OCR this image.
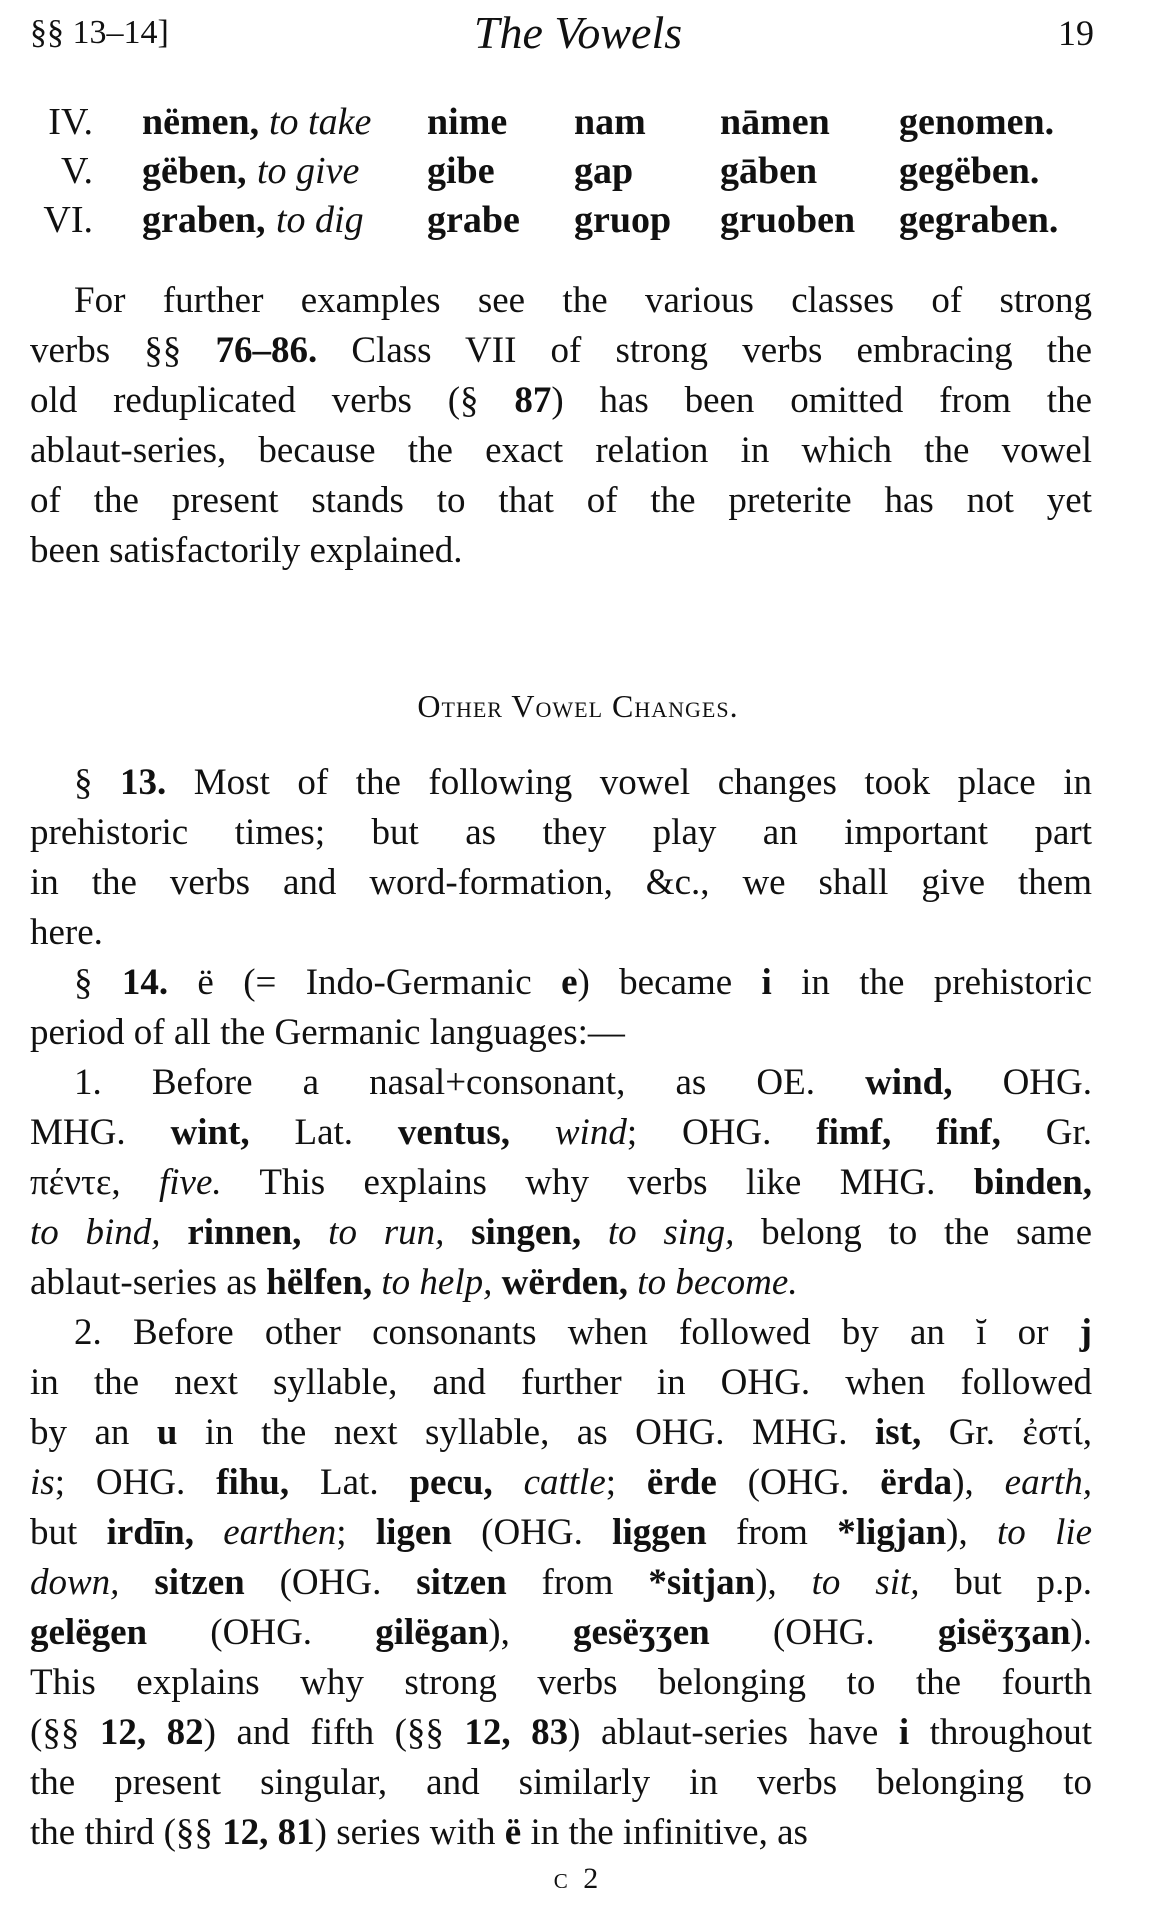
§§ 13–14]	The Vowels	19
IV. nëmen, to take nime nam nāmen genomen.
V. gëben, to give gibe gap gāben gegëben.
VI. graben, to dig grabe gruop gruoben gegraben.
For further examples see the various classes of strong
verbs §§ 76–86. Class VII of strong verbs embracing the
old reduplicated verbs (§ 87) has been omitted from the
ablaut-series, because the exact relation in which the vowel
of the present stands to that of the preterite has not yet
been satisfactorily explained.
Other Vowel Changes.
§ 13. Most of the following vowel changes took place in
prehistoric times; but as they play an important part
in the verbs and word-formation, &c., we shall give them
here.
§ 14. ë (= Indo-Germanic e) became i in the prehistoric
period of all the Germanic languages:—
1. Before a nasal+consonant, as OE. wind, OHG.
MHG. wint, Lat. ventus, wind; OHG. fimf, finf, Gr.
πέντε, five. This explains why verbs like MHG. binden,
to bind, rinnen, to run, singen, to sing, belong to the same
ablaut-series as hëlfen, to help, wërden, to become.
2. Before other consonants when followed by an ĭ or j
in the next syllable, and further in OHG. when followed
by an u in the next syllable, as OHG. MHG. ist, Gr. ἐστί,
is; OHG. fihu, Lat. pecu, cattle; ërde (OHG. ërda), earth,
but irdīn, earthen; ligen (OHG. liggen from *ligjan), to lie
down, sitzen (OHG. sitzen from *sitjan), to sit, but p.p.
gelëgen (OHG. gilëgan), gesëʒʒen (OHG. gisëʒʒan).
This explains why strong verbs belonging to the fourth
(§§ 12, 82) and fifth (§§ 12, 83) ablaut-series have i throughout
the present singular, and similarly in verbs belonging to
the third (§§ 12, 81) series with ë in the infinitive, as
c 2
